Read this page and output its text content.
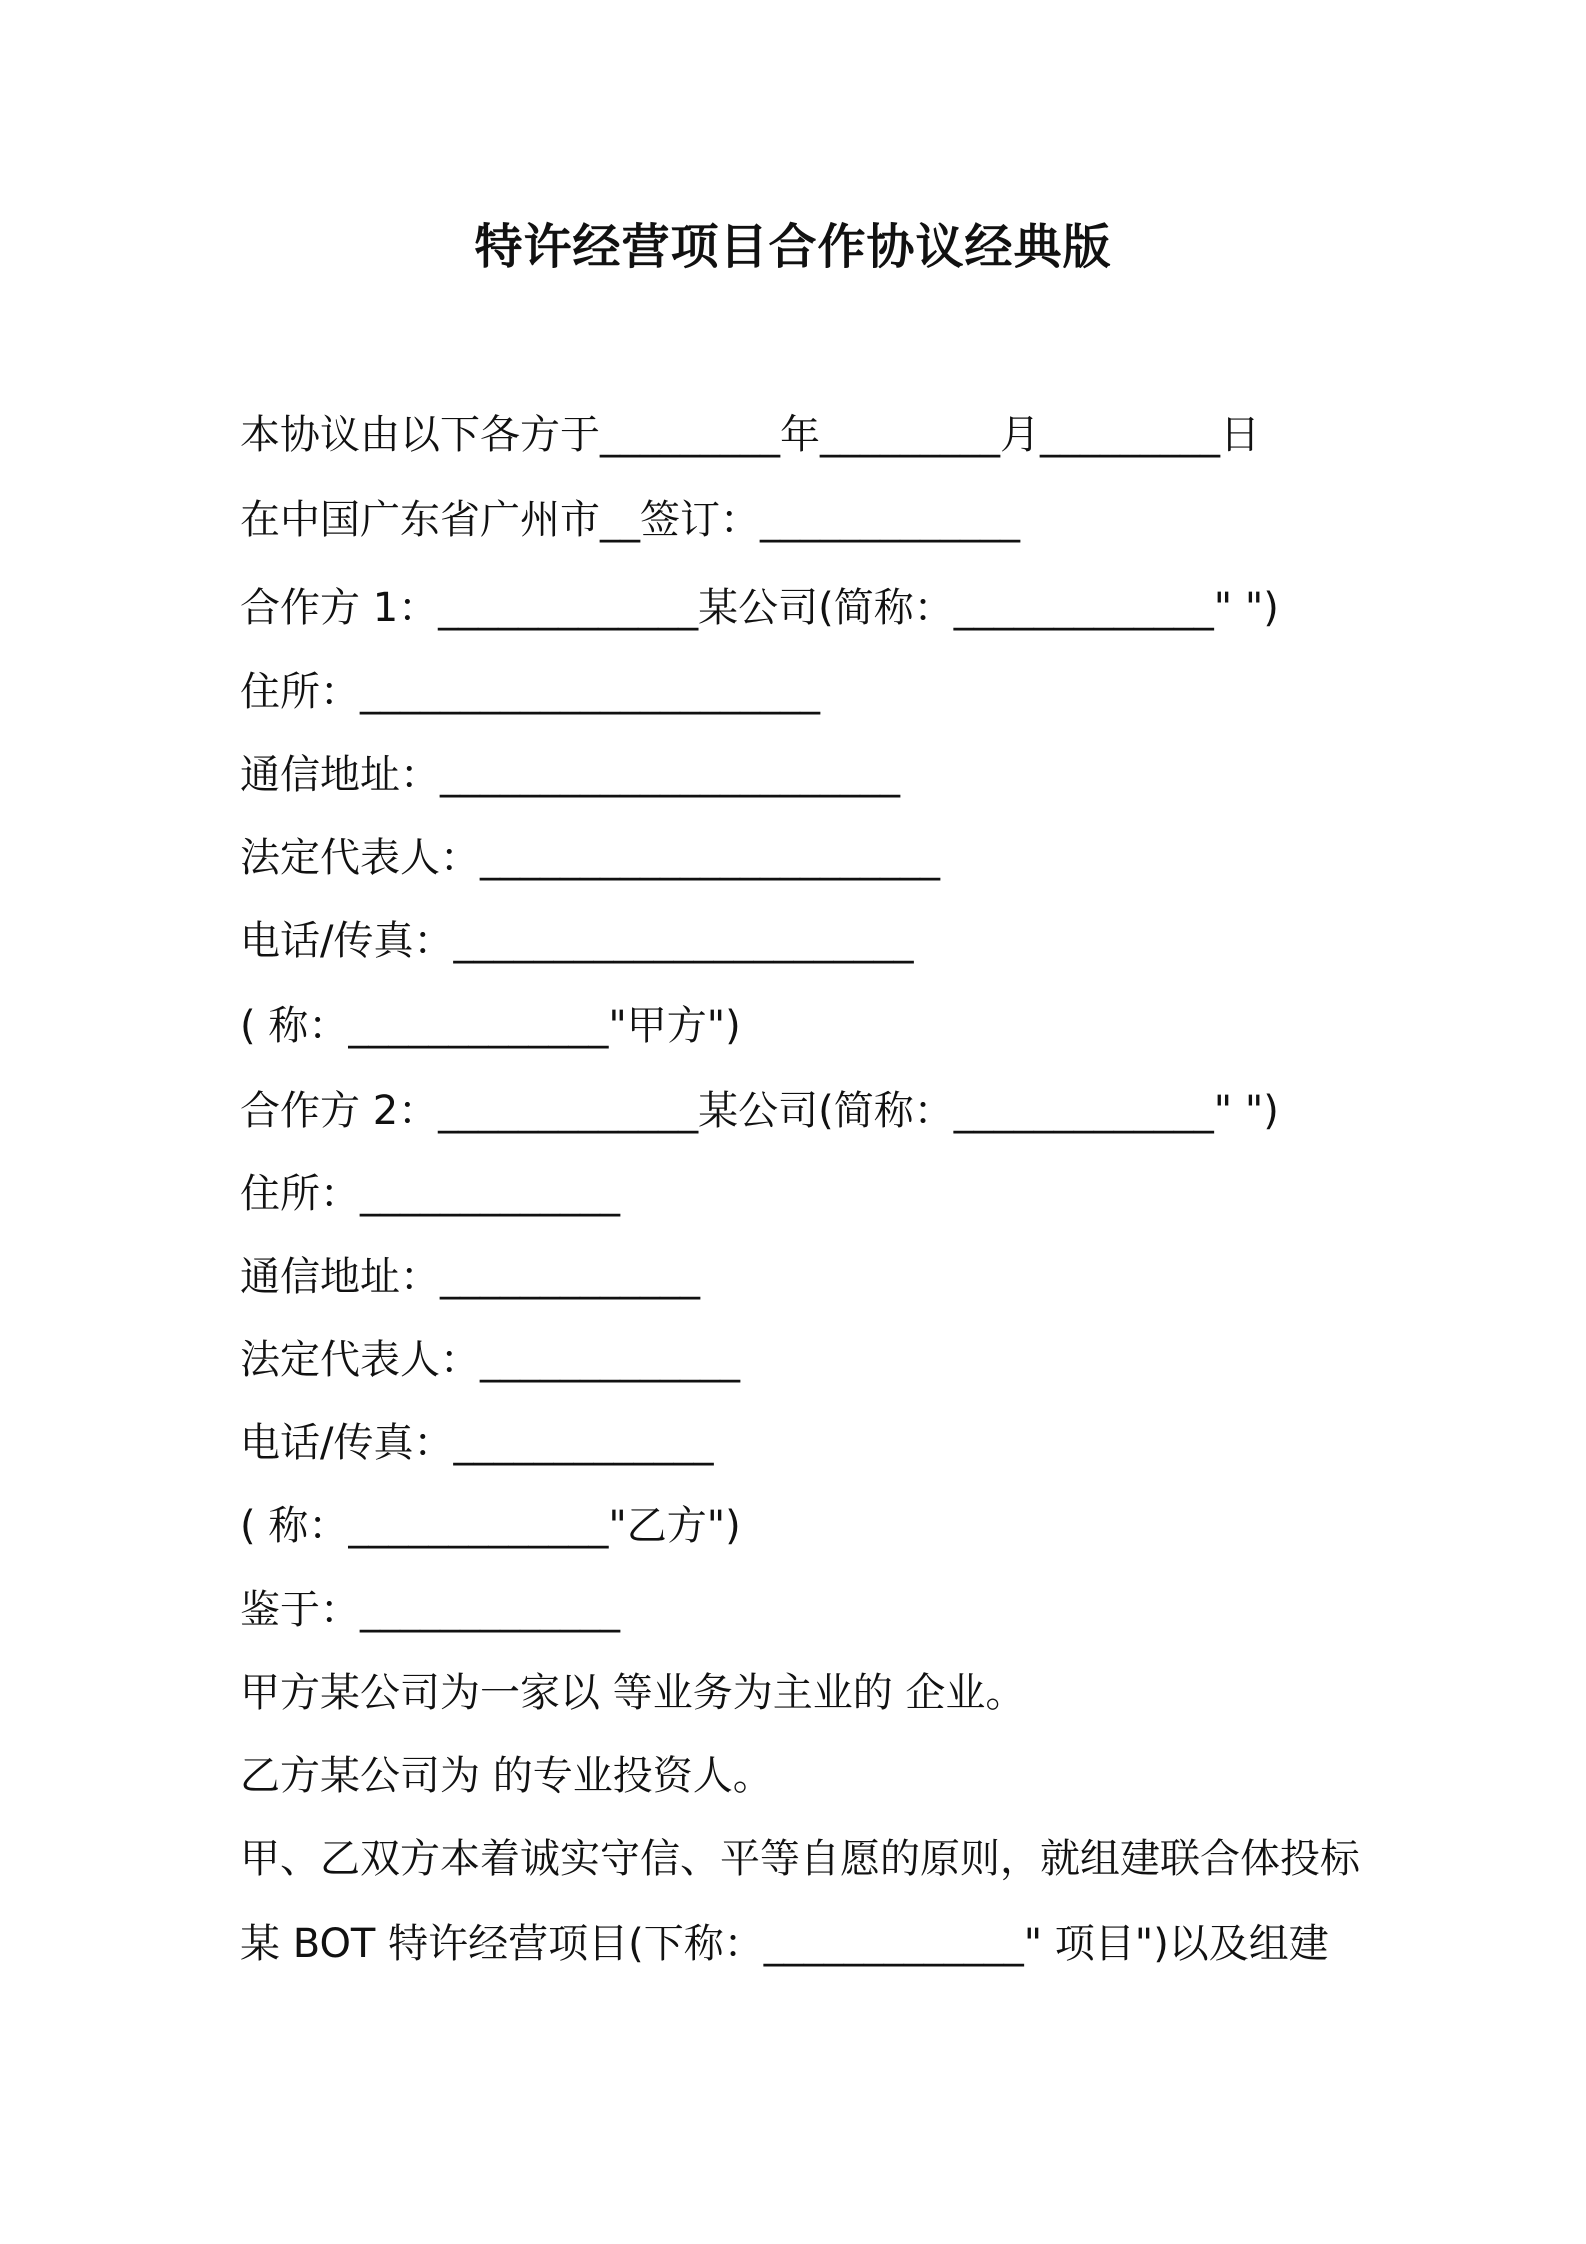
特许经营项目合作协议经典版
本协议由以下各方于_________年_________月_________日
在中国广东省广州市__签订：_____________
合作方 1：_____________某公司(简称：_____________" ")
住所：_______________________
通信地址：_______________________
法定代表人：_______________________
电话/传真：_______________________
( 称：_____________"甲方")
合作方 2：_____________某公司(简称：_____________" ")
住所：_____________
通信地址：_____________
法定代表人：_____________
电话/传真：_____________
( 称：_____________"乙方")
鉴于：_____________
甲方某公司为一家以 等业务为主业的 企业。
乙方某公司为 的专业投资人。
甲、乙双方本着诚实守信、平等自愿的原则，就组建联合体投标
某 BOT 特许经营项目(下称：_____________" 项目")以及组建
